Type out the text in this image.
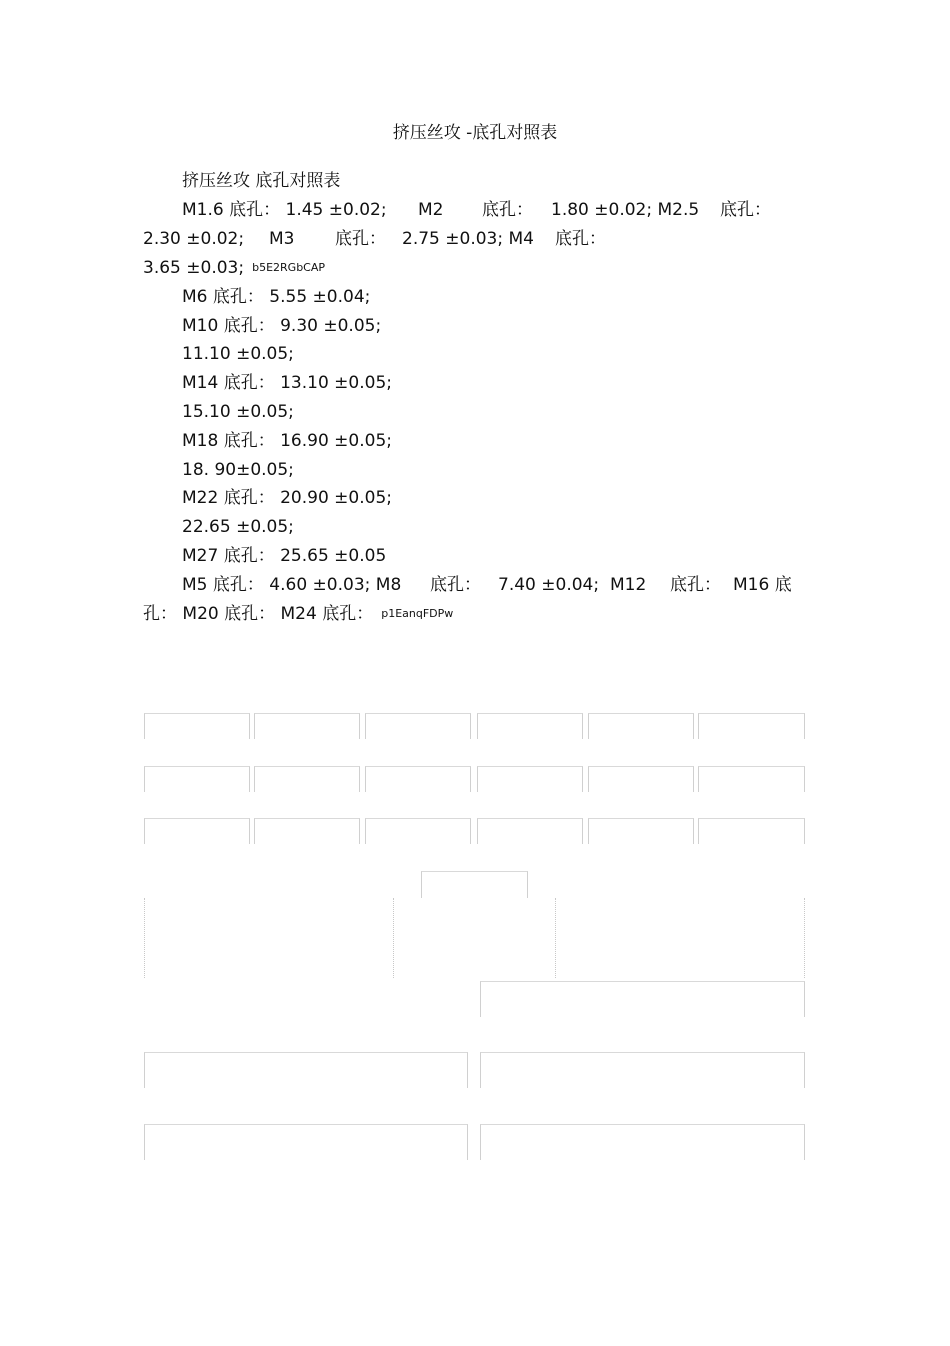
挤压丝攻 -底孔对照表
挤压丝攻 底孔对照表
M1.6 底孔： 1.45 ±0.02; M2 底孔： 1.80 ±0.02; M2.5 底孔：
2.30 ±0.02; M3 底孔： 2.75 ±0.03; M4 底孔：
3.65 ±0.03; b5E2RGbCAP
M6 底孔： 5.55 ±0.04;
M10 底孔： 9.30 ±0.05;
11.10 ±0.05;
M14 底孔： 13.10 ±0.05;
15.10 ±0.05;
M18 底孔： 16.90 ±0.05;
18. 90±0.05;
M22 底孔： 20.90 ±0.05;
22.65 ±0.05;
M27 底孔： 25.65 ±0.05
M5 底孔： 4.60 ±0.03; M8 底孔： 7.40 ±0.04; M12 底孔： M16 底
孔： M20 底孔： M24 底孔： p1EanqFDPw
